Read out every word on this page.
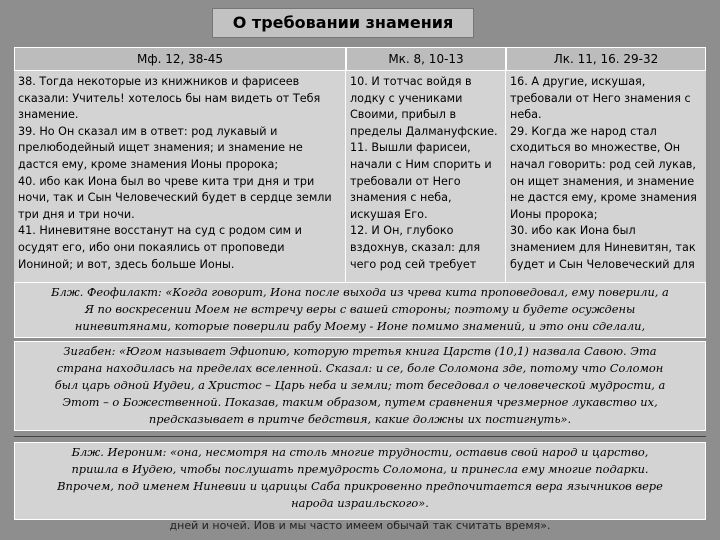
О требовании знамения
Мф. 12, 38-45	Мк. 8, 10-13	Лк. 11, 16. 29-32
38. Тогда некоторые из книжников и фарисеев
сказали: Учитель! хотелось бы нам видеть от Тебя
знамение.
39. Но Он сказал им в ответ: род лукавый и
прелюбодейный ищет знамения; и знамение не
дастся ему, кроме знамения Ионы пророка;
40. ибо как Иона был во чреве кита три дня и три
ночи, так и Сын Человеческий будет в сердце земли
три дня и три ночи.
41. Ниневитяне восстанут на суд с родом сим и
осудят его, ибо они покаялись от проповеди
Иониной; и вот, здесь больше Ионы.
10. И тотчас войдя в
лодку с учениками
Своими, прибыл в
пределы Далмануфские.
11. Вышли фарисеи,
начали с Ним спорить и
требовали от Него
знамения с неба,
искушая Его.
12. И Он, глубоко
вздохнув, сказал: для
чего род сей требует
16. А другие, искушая,
требовали от Него знамения с
неба.
29. Когда же народ стал
сходиться во множестве, Он
начал говорить: род сей лукав,
он ищет знамения, и знамение
не дастся ему, кроме знамения
Ионы пророка;
30. ибо как Иона был
знамением для Ниневитян, так
будет и Сын Человеческий для
Блж. Феофилакт: «Когда говорит, Иона после выхода из чрева кита проповедовал, ему поверили, а
Я по воскресении Моем не встречу веры с вашей стороны; поэтому и будете осуждены
ниневитянами, которые поверили рабу Моему - Ионе помимо знамений, и это они сделали,
Зигабен: «Югом называет Эфиопию, которую третья книга Царств (10,1) назвала Савою. Эта
страна находилась на пределах вселенной. Сказал: и се, боле Соломона зде, потому что Соломон
был царь одной Иудеи, а Христос – Царь неба и земли; тот беседовал о человеческой мудрости, а
Этот – о Божественной. Показав, таким образом, путем сравнения чрезмерное лукавство их,
предсказывает в притче бедствия, какие должны их постигнуть».
Блж. Иероним: «она, несмотря на столь многие трудности, оставив свой народ и царство,
пришла в Иудею, чтобы послушать премудрость Соломона, и принесла ему многие подарки.
Впрочем, под именем Ниневии и царицы Саба прикровенно предпочитается вера язычников вере
народа израильского».
дней и ночей. Иов и мы часто имеем обычай так считать время».
